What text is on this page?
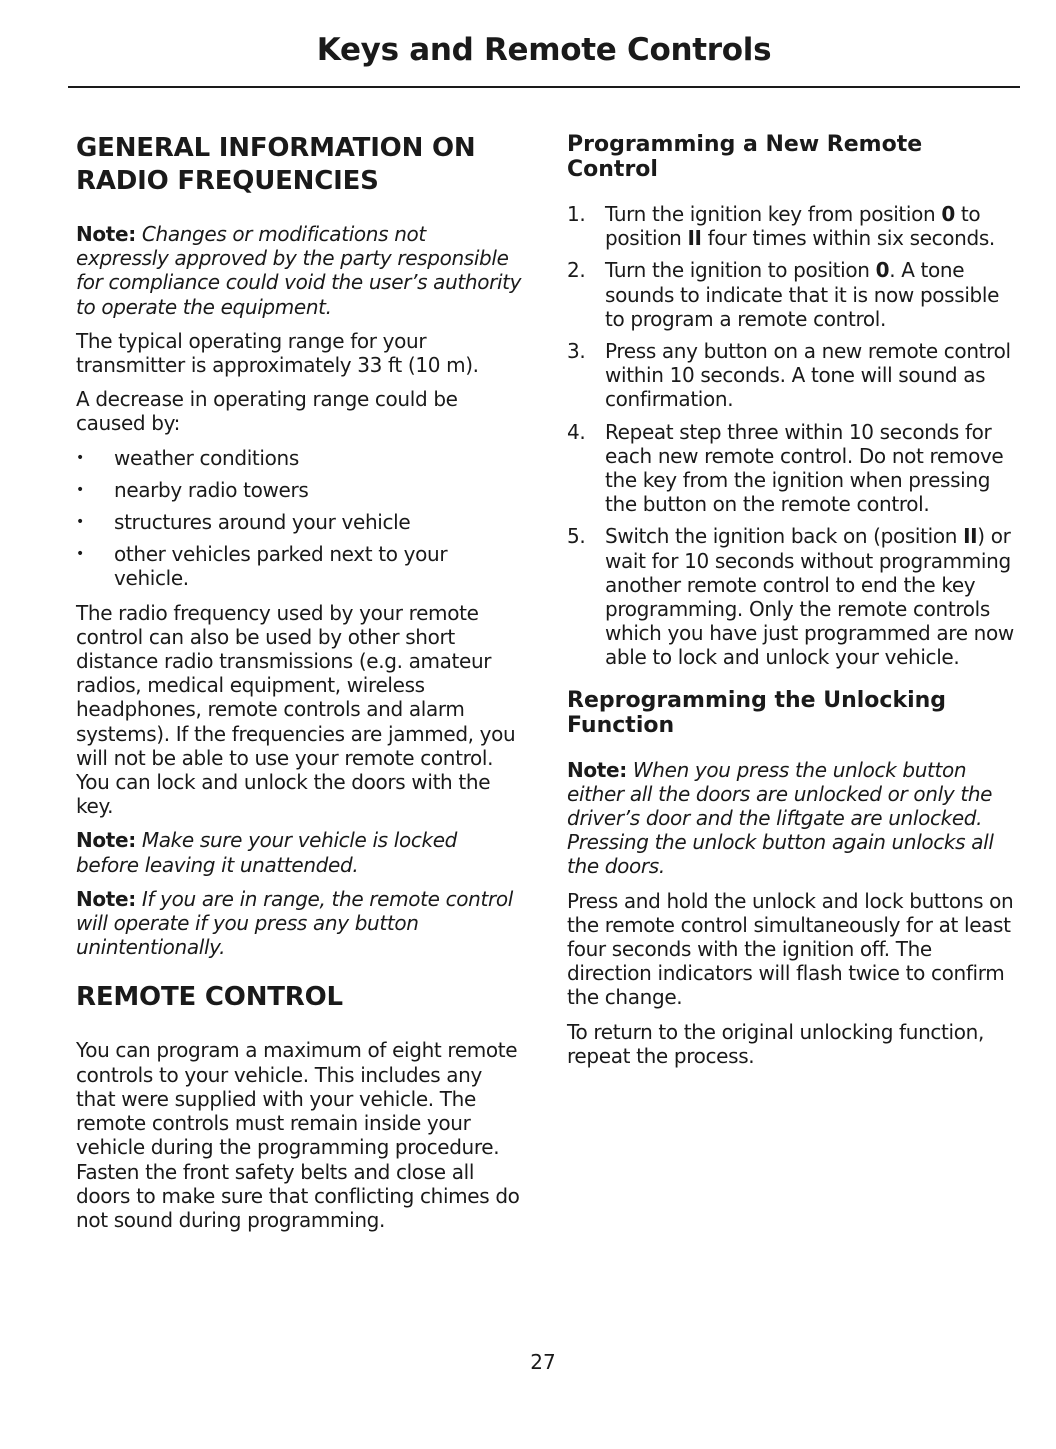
Keys and Remote Controls
GENERAL INFORMATION ON RADIO FREQUENCIES

Note: Changes or modifications not expressly approved by the party responsible for compliance could void the user’s authority to operate the equipment.

The typical operating range for your transmitter is approximately 33 ft (10 m).

A decrease in operating range could be caused by:

• weather conditions
• nearby radio towers
• structures around your vehicle
• other vehicles parked next to your vehicle.

The radio frequency used by your remote control can also be used by other short distance radio transmissions (e.g. amateur radios, medical equipment, wireless headphones, remote controls and alarm systems). If the frequencies are jammed, you will not be able to use your remote control. You can lock and unlock the doors with the key.

Note: Make sure your vehicle is locked before leaving it unattended.

Note: If you are in range, the remote control will operate if you press any button unintentionally.

REMOTE CONTROL

You can program a maximum of eight remote controls to your vehicle. This includes any that were supplied with your vehicle. The remote controls must remain inside your vehicle during the programming procedure. Fasten the front safety belts and close all doors to make sure that conflicting chimes do not sound during programming.

Programming a New Remote Control
1. Turn the ignition key from position 0 to position II four times within six seconds.
2. Turn the ignition to position 0. A tone sounds to indicate that it is now possible to program a remote control.
3. Press any button on a new remote control within 10 seconds. A tone will sound as confirmation.
4. Repeat step three within 10 seconds for each new remote control. Do not remove the key from the ignition when pressing the button on the remote control.
5. Switch the ignition back on (position II) or wait for 10 seconds without programming another remote control to end the key programming. Only the remote controls which you have just programmed are now able to lock and unlock your vehicle.
Reprogramming the Unlocking Function

Note: When you press the unlock button either all the doors are unlocked or only the driver’s door and the liftgate are unlocked. Pressing the unlock button again unlocks all the doors.

Press and hold the unlock and lock buttons on the remote control simultaneously for at least four seconds with the ignition off. The direction indicators will flash twice to confirm the change.

To return to the original unlocking function, repeat the process.

27
